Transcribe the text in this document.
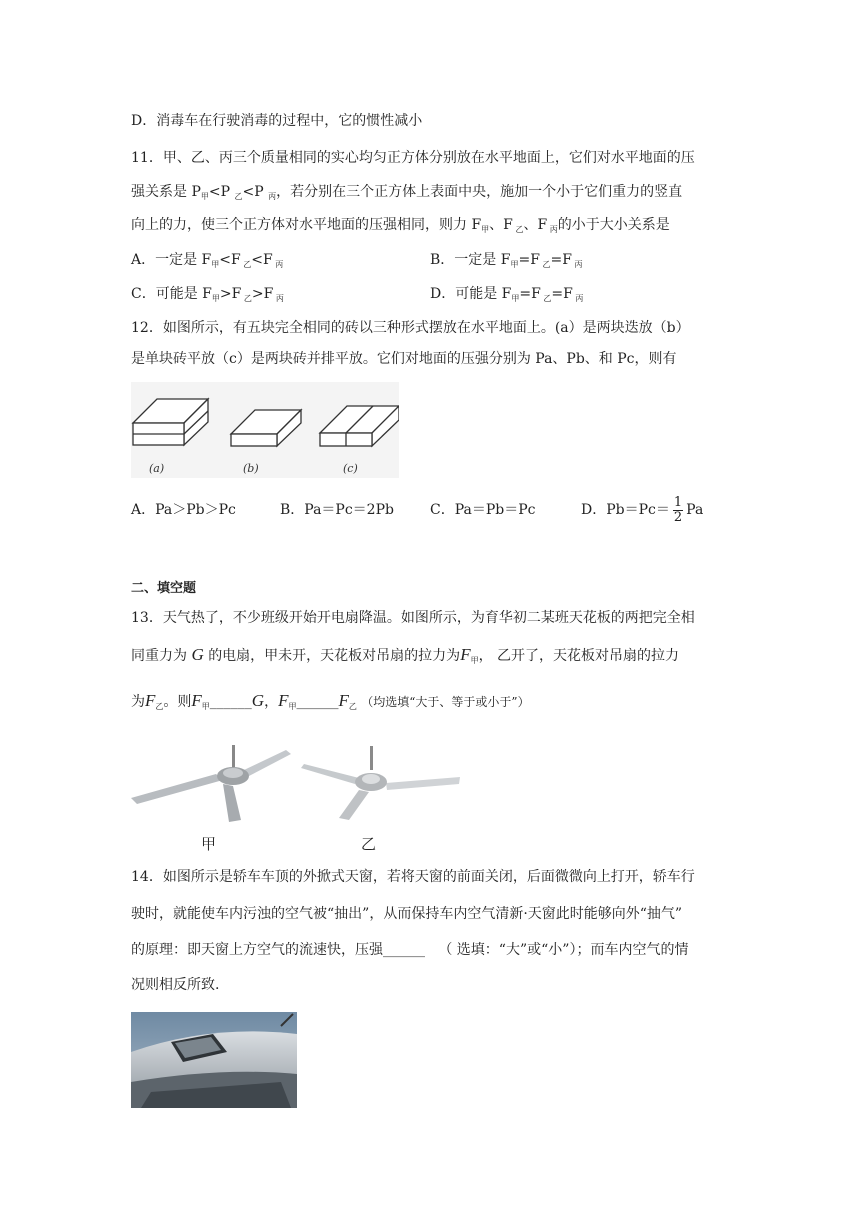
D．消毒车在行驶消毒的过程中，它的惯性减小
11．甲、乙、丙三个质量相同的实心均匀正方体分别放在水平地面上，它们对水平地面的压
强关系是 $P_甲<P$ $_乙$<P $_丙$，若分别在三个正方体上表面中央，施加一个小于它们重力的竖直
向上的力，使三个正方体对水平地面的压强相同，则力 $F_甲$、F $_乙$、F $_丙$的小于大小关系是
A．一定是 $F_甲<F$ $_乙$<F $_丙$	B．一定是 $F_甲=F$ $_乙$=F $_丙$
C．可能是 $F_甲>F$ $_乙$>F $_丙$	D．可能是 $F_甲=F$ $_乙$=F $_丙$
12．如图所示，有五块完全相同的砖以三种形式摆放在水平地面上。(a）是两块迭放（b）
是单块砖平放（c）是两块砖并排平放。它们对地面的压强分别为 Pa、Pb、和 Pc，则有
(a)	(b)	(c)
A．Pa＞Pb＞Pc	B．Pa＝Pc＝2Pb	C．Pa＝Pb＝Pc	D．$Pb=Pc= \frac{1}{2}$ Pa
二、填空题
13．天气热了，不少班级开始开电扇降温。如图所示，为育华初二某班天花板的两把完全相
同重力为 G 的电扇，甲未开，天花板对吊扇的拉力为$F_甲$， 乙开了，天花板对吊扇的拉力
为$F_乙$。则$F_甲\_\_\_\_\_\_G$，$F_甲\_\_\_\_\_\_F_乙$ （均选填“大于、等于或小于”）
甲	乙
14．如图所示是轿车车顶的外掀式天窗，若将天窗的前面关闭，后面微微向上打开，轿车行
驶时，就能使车内污浊的空气被“抽出”，从而保持车内空气清新·天窗此时能够向外“抽气”
的原理：即天窗上方空气的流速快，压强______ （ 选填：“大”或“小”）；而车内空气的情
况则相反所致.
